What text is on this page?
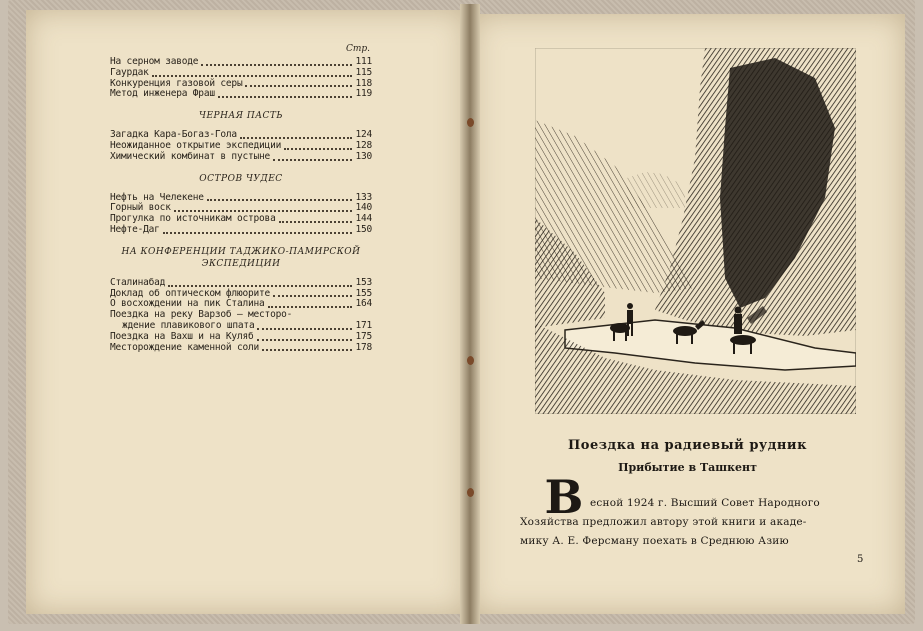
Стр.
На серном заводе	111
Гаурдак	115
Конкуренция газовой серы	118
Метод инженера Фраш	119
ЧЕРНАЯ ПАСТЬ
Загадка Кара-Богаз-Гола	124
Неожиданное открытие экспедиции	128
Химический комбинат в пустыне	130
ОСТРОВ ЧУДЕС
Нефть на Челекене	133
Горный воск	140
Прогулка по источникам острова	144
Нефте-Даг	150
НА КОНФЕРЕНЦИИ ТАДЖИКО-ПАМИРСКОЙ ЭКСПЕДИЦИИ
Сталинабад	153
Доклад об оптическом флюорите	155
О восхождении на пик Сталина	164
Поездка на реку Варзоб — месторо-
ждение плавикового шпата	171
Поездка на Вахш и на Куляб	175
Месторождение каменной соли	178
Поездка на радиевый рудник
Прибытие в Ташкент
В есной 1924 г. Высший Совет Народного
Хозяйства предложил автору этой книги и акаде-
мику А. Е. Ферсману поехать в Среднюю Азию
5
